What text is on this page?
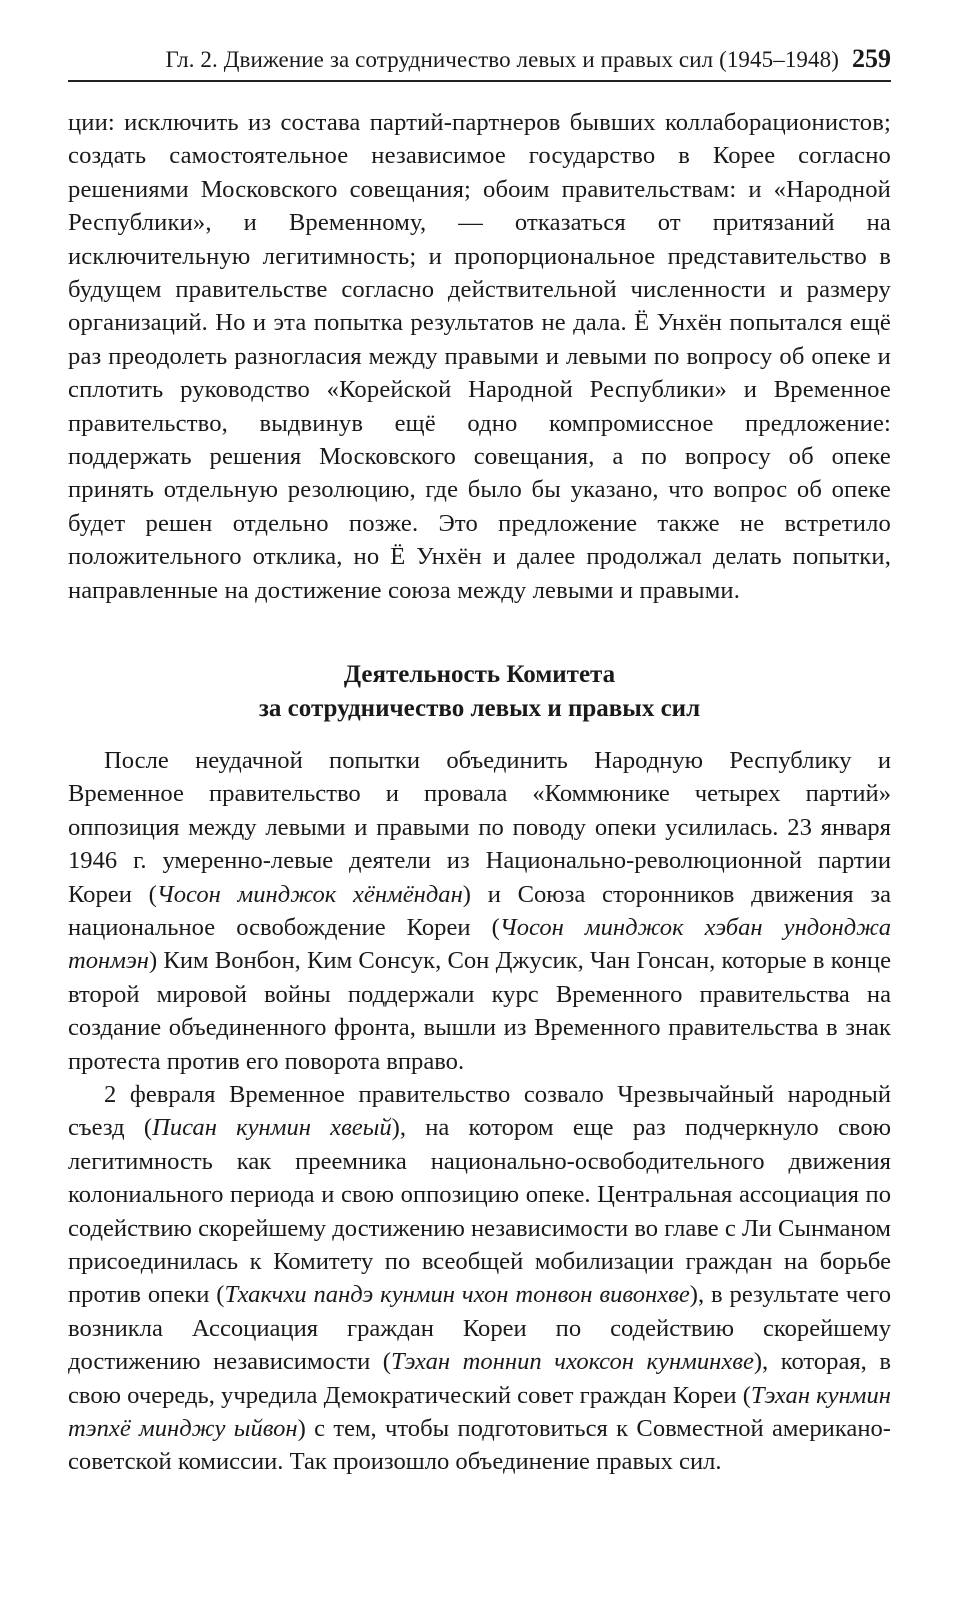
Гл. 2. Движение за сотрудничество левых и правых сил (1945–1948) 259

ции: исключить из состава партий-партнеров бывших коллаборационистов; создать самостоятельное независимое государство в Корее согласно решениями Московского совещания; обоим правительствам: и «Народной Республики», и Временному, — отказаться от притязаний на исключительную легитимность; и пропорциональное представительство в будущем правительстве согласно действительной численности и размеру организаций. Но и эта попытка результатов не дала. Ё Унхён попытался ещё раз преодолеть разногласия между правыми и левыми по вопросу об опеке и сплотить руководство «Корейской Народной Республики» и Временное правительство, выдвинув ещё одно компромиссное предложение: поддержать решения Московского совещания, а по вопросу об опеке принять отдельную резолюцию, где было бы указано, что вопрос об опеке будет решен отдельно позже. Это предложение также не встретило положительного отклика, но Ё Унхён и далее продолжал делать попытки, направленные на достижение союза между левыми и правыми.

Деятельность Комитета
за сотрудничество левых и правых сил

После неудачной попытки объединить Народную Республику и Временное правительство и провала «Коммюнике четырех партий» оппозиция между левыми и правыми по поводу опеки усилилась. 23 января 1946 г. умеренно-левые деятели из Национально-революционной партии Кореи (Чосон минджок хёнмёндан) и Союза сторонников движения за национальное освобождение Кореи (Чосон минджок хэбан ундонджа тонмэн) Ким Вонбон, Ким Сонсук, Сон Джусик, Чан Гонсан, которые в конце второй мировой войны поддержали курс Временного правительства на создание объединенного фронта, вышли из Временного правительства в знак протеста против его поворота вправо.

2 февраля Временное правительство созвало Чрезвычайный народный съезд (Писан кунмин хвеый), на котором еще раз подчеркнуло свою легитимность как преемника национально-освободительного движения колониального периода и свою оппозицию опеке. Центральная ассоциация по содействию скорейшему достижению независимости во главе с Ли Сынманом присоединилась к Комитету по всеобщей мобилизации граждан на борьбе против опеки (Тхакчхи пандэ кунмин чхон тонвон вивонхве), в результате чего возникла Ассоциация граждан Кореи по содействию скорейшему достижению независимости (Тэхан тоннип чхоксон кунминхве), которая, в свою очередь, учредила Демократический совет граждан Кореи (Тэхан кунмин тэпхё минджу ыйвон) с тем, чтобы подготовиться к Совместной американо-советской комиссии. Так произошло объединение правых сил.
